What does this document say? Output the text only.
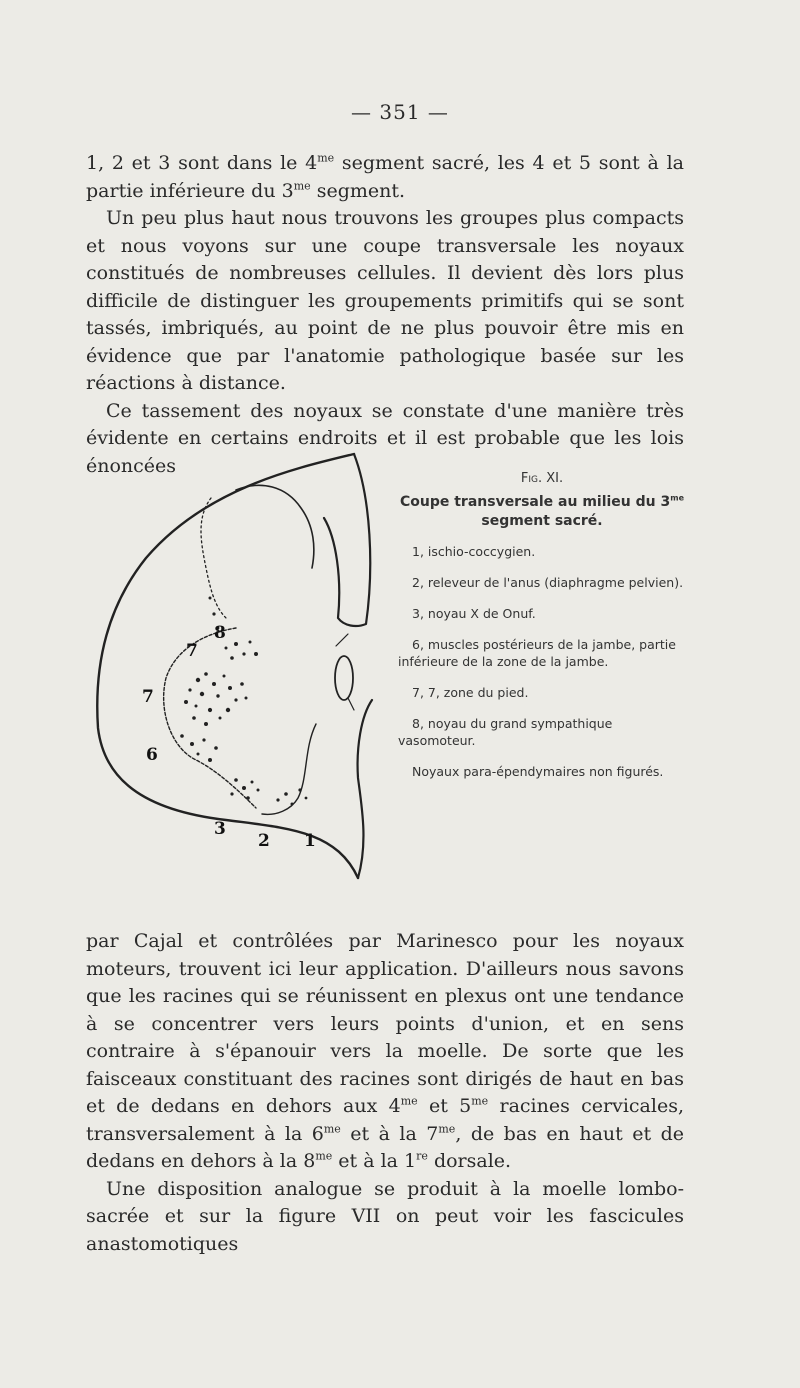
— 351 —

1, 2 et 3 sont dans le $4^{me}$ segment sacré, les 4 et 5 sont à la partie inférieure du $3^{me}$ segment.

Un peu plus haut nous trouvons les groupes plus compacts et nous voyons sur une coupe transversale les noyaux constitués de nombreuses cellules. Il devient dès lors plus difficile de distinguer les groupements primitifs qui se sont tassés, imbriqués, au point de ne plus pouvoir être mis en évidence que par l'anatomie pathologique basée sur les réactions à distance.

Ce tassement des noyaux se constate d'une manière très évidente en certains endroits et il est probable que les lois énoncées

8
7
7
6
3
2 1
Fig. XI.
Coupe transversale au milieu du $3^{me}$ segment sacré.
1, ischio-coccygien.
2, releveur de l'anus (diaphragme pelvien).
3, noyau X de Onuf.
6, muscles postérieurs de la jambe, partie inférieure de la zone de la jambe.
7, 7, zone du pied.
8, noyau du grand sympathique vasomoteur.
Noyaux para-épendymaires non figurés.

par Cajal et contrôlées par Marinesco pour les noyaux moteurs, trouvent ici leur application. D'ailleurs nous savons que les racines qui se réunissent en plexus ont une tendance à se concentrer vers leurs points d'union, et en sens contraire à s'épanouir vers la moelle. De sorte que les faisceaux constituant des racines sont dirigés de haut en bas et de dedans en dehors aux $4^{me}$ et $5^{me}$ racines cervicales, transversalement à la $6^{me}$ et à la $7^{me}$, de bas en haut et de dedans en dehors à la $8^{me}$ et à la 1re dorsale.

Une disposition analogue se produit à la moelle lombo-sacrée et sur la figure VII on peut voir les fascicules anastomotiques
